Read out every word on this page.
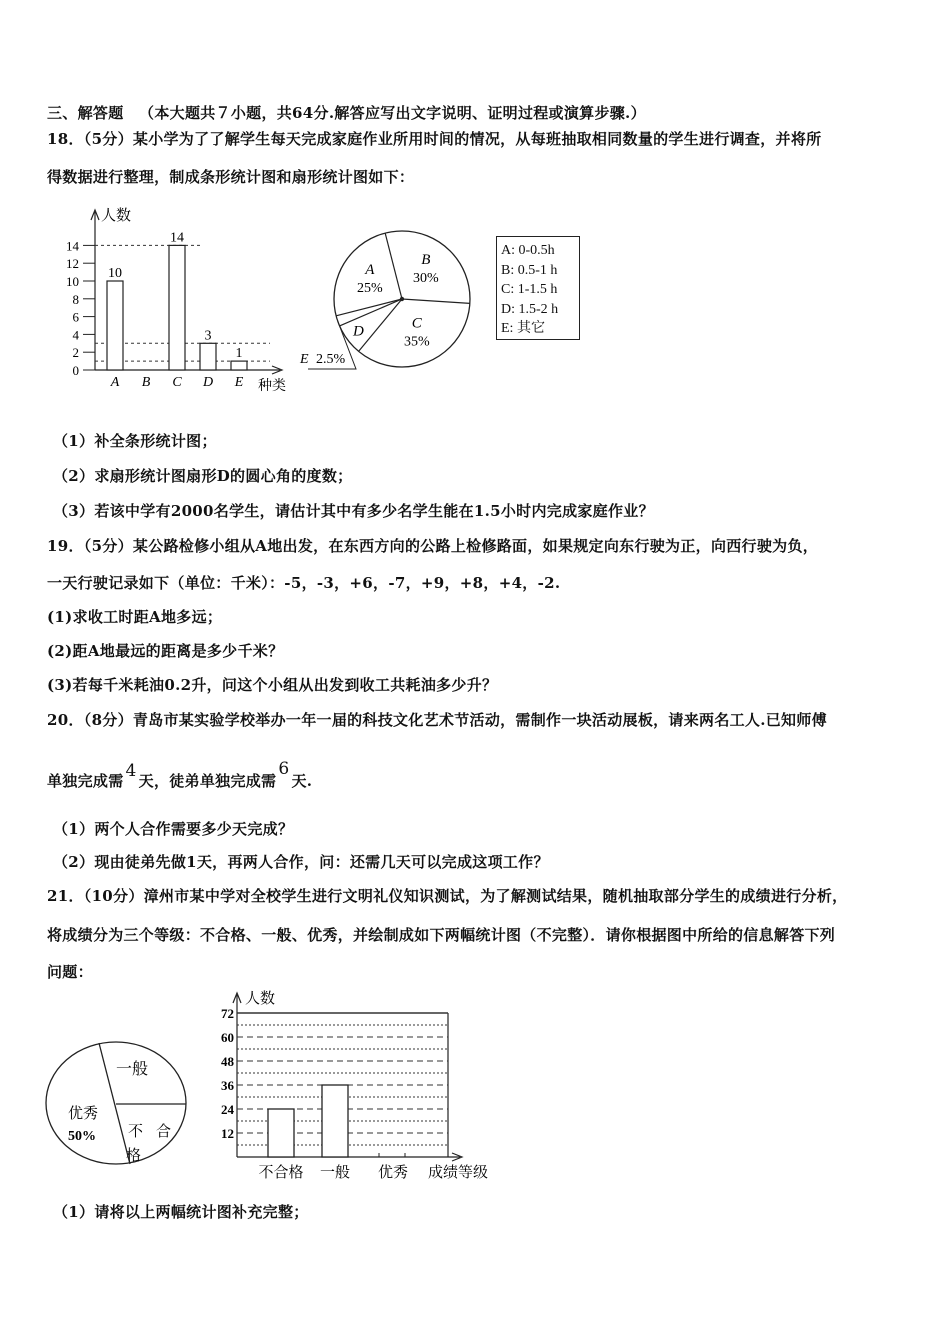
三、解答题 （本大题共７小题，共64分.解答应写出文字说明、证明过程或演算步骤.）
18．（5分）某小学为了了解学生每天完成家庭作业所用时间的情况，从每班抽取相同数量的学生进行调查，并将所
得数据进行整理，制成条形统计图和扇形统计图如下：
人数
种类
0
2
4
6
8
10
12
14
10
A B
14
C
3
D
1
E
B
30%
C
35%
D
E 2.5%
A
25%
A: 0-0.5h
B: 0.5-1 h
C: 1-1.5 h
D: 1.5-2 h
E: 其它
（1）补全条形统计图；
（2）求扇形统计图扇形D的圆心角的度数；
（3）若该中学有2000名学生，请估计其中有多少名学生能在1.5小时内完成家庭作业？
19．（5分）某公路检修小组从A地出发，在东西方向的公路上检修路面，如果规定向东行驶为正，向西行驶为负，
一天行驶记录如下（单位：千米）：-5，-3，+6，-7，+9，+8，+4，-2.
(1)求收工时距A地多远；
(2)距A地最远的距离是多少千米？
(3)若每千米耗油0.2升，问这个小组从出发到收工共耗油多少升？
20．（8分）青岛市某实验学校举办一年一届的科技文化艺术节活动，需制作一块活动展板，请来两名工人.已知师傅
单独完成需 4 天，徒弟单独完成需6天.
（1）两个人合作需要多少天完成？
（2）现由徒弟先做1天，再两人合作，问：还需几天可以完成这项工作？
21．（10分）漳州市某中学对全校学生进行文明礼仪知识测试，为了解测试结果，随机抽取部分学生的成绩进行分析，
将成绩分为三个等级：不合格、一般、优秀，并绘制成如下两幅统计图（不完整）．请你根据图中所给的信息解答下列
问题：
一般
优秀
50% 不 合
格
人数
成绩等级
12
24
36
48
60
72
不合格 一般 优秀
（1）请将以上两幅统计图补充完整；
